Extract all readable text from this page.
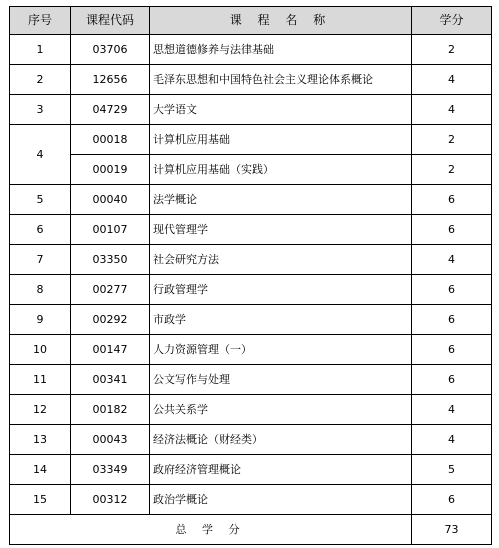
序号	课程代码	课 程 名 称	学分
1	03706	思想道德修养与法律基础	2
2	12656	毛泽东思想和中国特色社会主义理论体系概论	4
3	04729	大学语文	4
4	00018	计算机应用基础	2
	00019	计算机应用基础（实践）	2
5	00040	法学概论	6
6	00107	现代管理学	6
7	03350	社会研究方法	4
8	00277	行政管理学	6
9	00292	市政学	6
10	00147	人力资源管理（一）	6
11	00341	公文写作与处理	6
12	00182	公共关系学	4
13	00043	经济法概论（财经类）	4
14	03349	政府经济管理概论	5
15	00312	政治学概论	6
总 学 分			73
